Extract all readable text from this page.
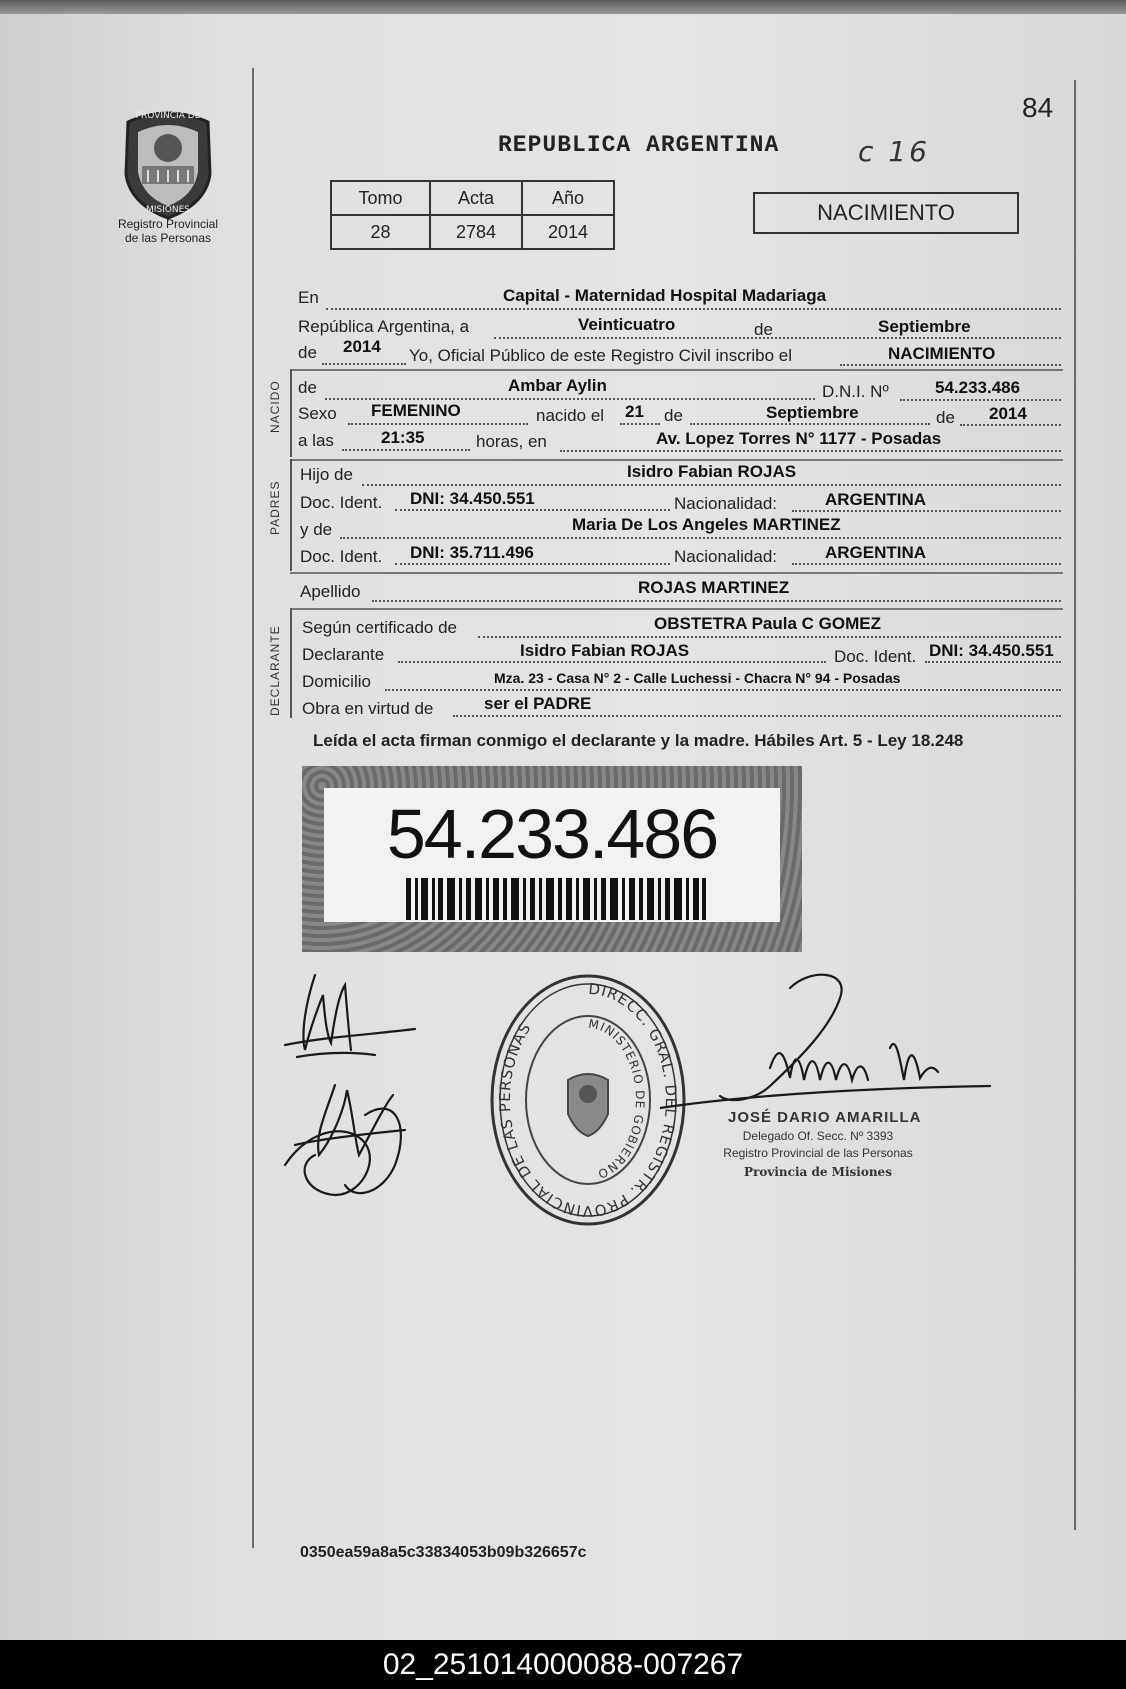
PROVINCIA DE
MISIONES
Registro Provincial
de las Personas
84
REPUBLICA ARGENTINA	c 16
Tomo	Acta	Año
28	2784	2014
NACIMIENTO
En	Capital - Maternidad Hospital Madariaga
República Argentina, a	Veinticuatro	de	Septiembre
de 2014 Yo, Oficial Público de este Registro Civil inscribo el	NACIMIENTO
NACIDO de	Ambar Aylin	D.N.I. Nº	54.233.486
Sexo FEMENINO	nacido el 21 de	Septiembre	de 2014
a las	21:35	horas, en	Av. Lopez Torres N° 1177 - Posadas
PADRES
Hijo de	Isidro Fabian ROJAS
Doc. Ident. DNI: 34.450.551	Nacionalidad:	ARGENTINA
y de	Maria De Los Angeles MARTINEZ
Doc. Ident. DNI: 35.711.496	Nacionalidad:	ARGENTINA
Apellido	ROJAS MARTINEZ
DECLARANTE Según certificado de	OBSTETRA Paula C GOMEZ
Declarante	Isidro Fabian ROJAS	Doc. Ident. DNI: 34.450.551
Domicilio	Mza. 23 - Casa N° 2 - Calle Luchessi - Chacra N° 94 - Posadas
Obra en virtud de	ser el PADRE
Leída el acta firman conmigo el declarante y la madre. Hábiles Art. 5 - Ley 18.248
54.233.486
DIRECC. GRAL. DEL REGISTR. PROVINCIAL DE LAS PERSONAS	MINISTERIO DE GOBIERNO
JOSÉ DARIO AMARILLA
Delegado Of. Secc. Nº 3393
Registro Provincial de las Personas
Provincia de Misiones
0350ea59a8a5c33834053b09b326657c
02_251014000088-007267
